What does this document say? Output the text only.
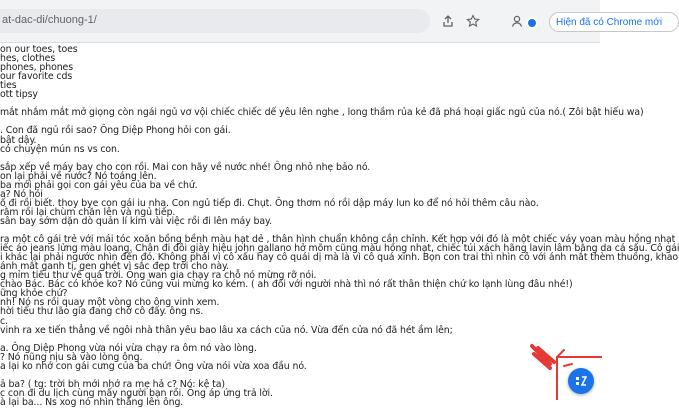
at-dac-di/chuong-1/	Hiện đã có Chrome mới
on our toes, toes
hes, clothes
phones, phones
our favorite cds
ties
ott tipsy
mắt nhắm mắt mở giọng còn ngái ngủ vơ vội chiếc chiếc dế yêu lên nghe , long thầm rủa kẻ đã phá hoại giấc ngủ của nó.( Zôi bật hiếu wa)
. Con đã ngủ rồi sao? Ông Diệp Phong hỏi con gái.
bật dậy.
có chuyện mún ns vs con.
sắp xếp về máy bay cho con rồi. Mai con hãy về nước nhé! Ông nhỏ nhẹ bảo nó.
on lại phải về nước? Nó toáng lên.
ba mới phải gọi con gái yêu của ba về chứ.
a? Nó hỏi
ố đi rồi biết. thoy bye con gái iu nha. Con ngủ tiếp đi. Chụt. Ông thơm nó rồi dập máy lun ko để nó hỏi thêm câu nào.
rằm rồi lại chùm chăn lên và ngủ tiếp.
sân bay sớm dặn dò quản lí kim vài việc rồi đi lên máy bay.
ra một cô gái trẻ với mái tóc xoăn bồng bềnh màu hạt dẻ , thân hình chuẩn không cần chỉnh. Kết hợp với đó là một chiếc váy voan màu hồng nhạt
iếc áo jeans lửng màu loang. Chân đi đôi giày hiệu john gallano hở mõm cũng màu hồng nhạt, chiếc túi xách hãng lavin lâm bằng da cá sấu. Cô gái
i khác lại phải ngước nhìn đến đó. Không phải vì cô xấu hay cô quái dị mà là vì cô quá xinh. Bọn con trai thì nhìn cô với ánh mắt thèm thuồng, khao
ánh mắt ganh tị, gen ghét vì sắc đẹp trời cho này.
g mỉm tiếu thư về quá trời. Ông wan gia chạy ra chỗ nó mừng rỡ nói.
chào Bác. Bác có khỏe ko? Nó cũng vui mừng ko kém. ( ah đối với người nhà thì nó rất thân thiện chứ ko lạnh lùng đâu nhé!)
ững khỏe chứ?
nh! Nó ns rồi quay một vòng cho ông vinh xem.
hời tiểu thư lão gia đang chờ cô đấy. ông ns.
c.
vinh ra xe tiến thẳng về ngôi nhà thân yêu bao lâu xa cách của nó. Vừa đến cửa nó đã hét ầm lên;
a. Ông Diệp Phong vừa nói vừa chạy ra ôm nó vào lòng.
? Nó nũng nịu sà vào lòng ông.
a lại ko nhớ con gái cưng của ba chứ! Ông vừa nói vừa xoa đầu nó.
ả ba? ( tg: trời bh mới nhớ ra mẹ hả c? Nó: kệ ta)
c con đi du lịch cùng mấy người bạn rồi. Ông áp ứng trả lời.
à lại ba... Ns xog nó nhìn thẳng lên ông.
